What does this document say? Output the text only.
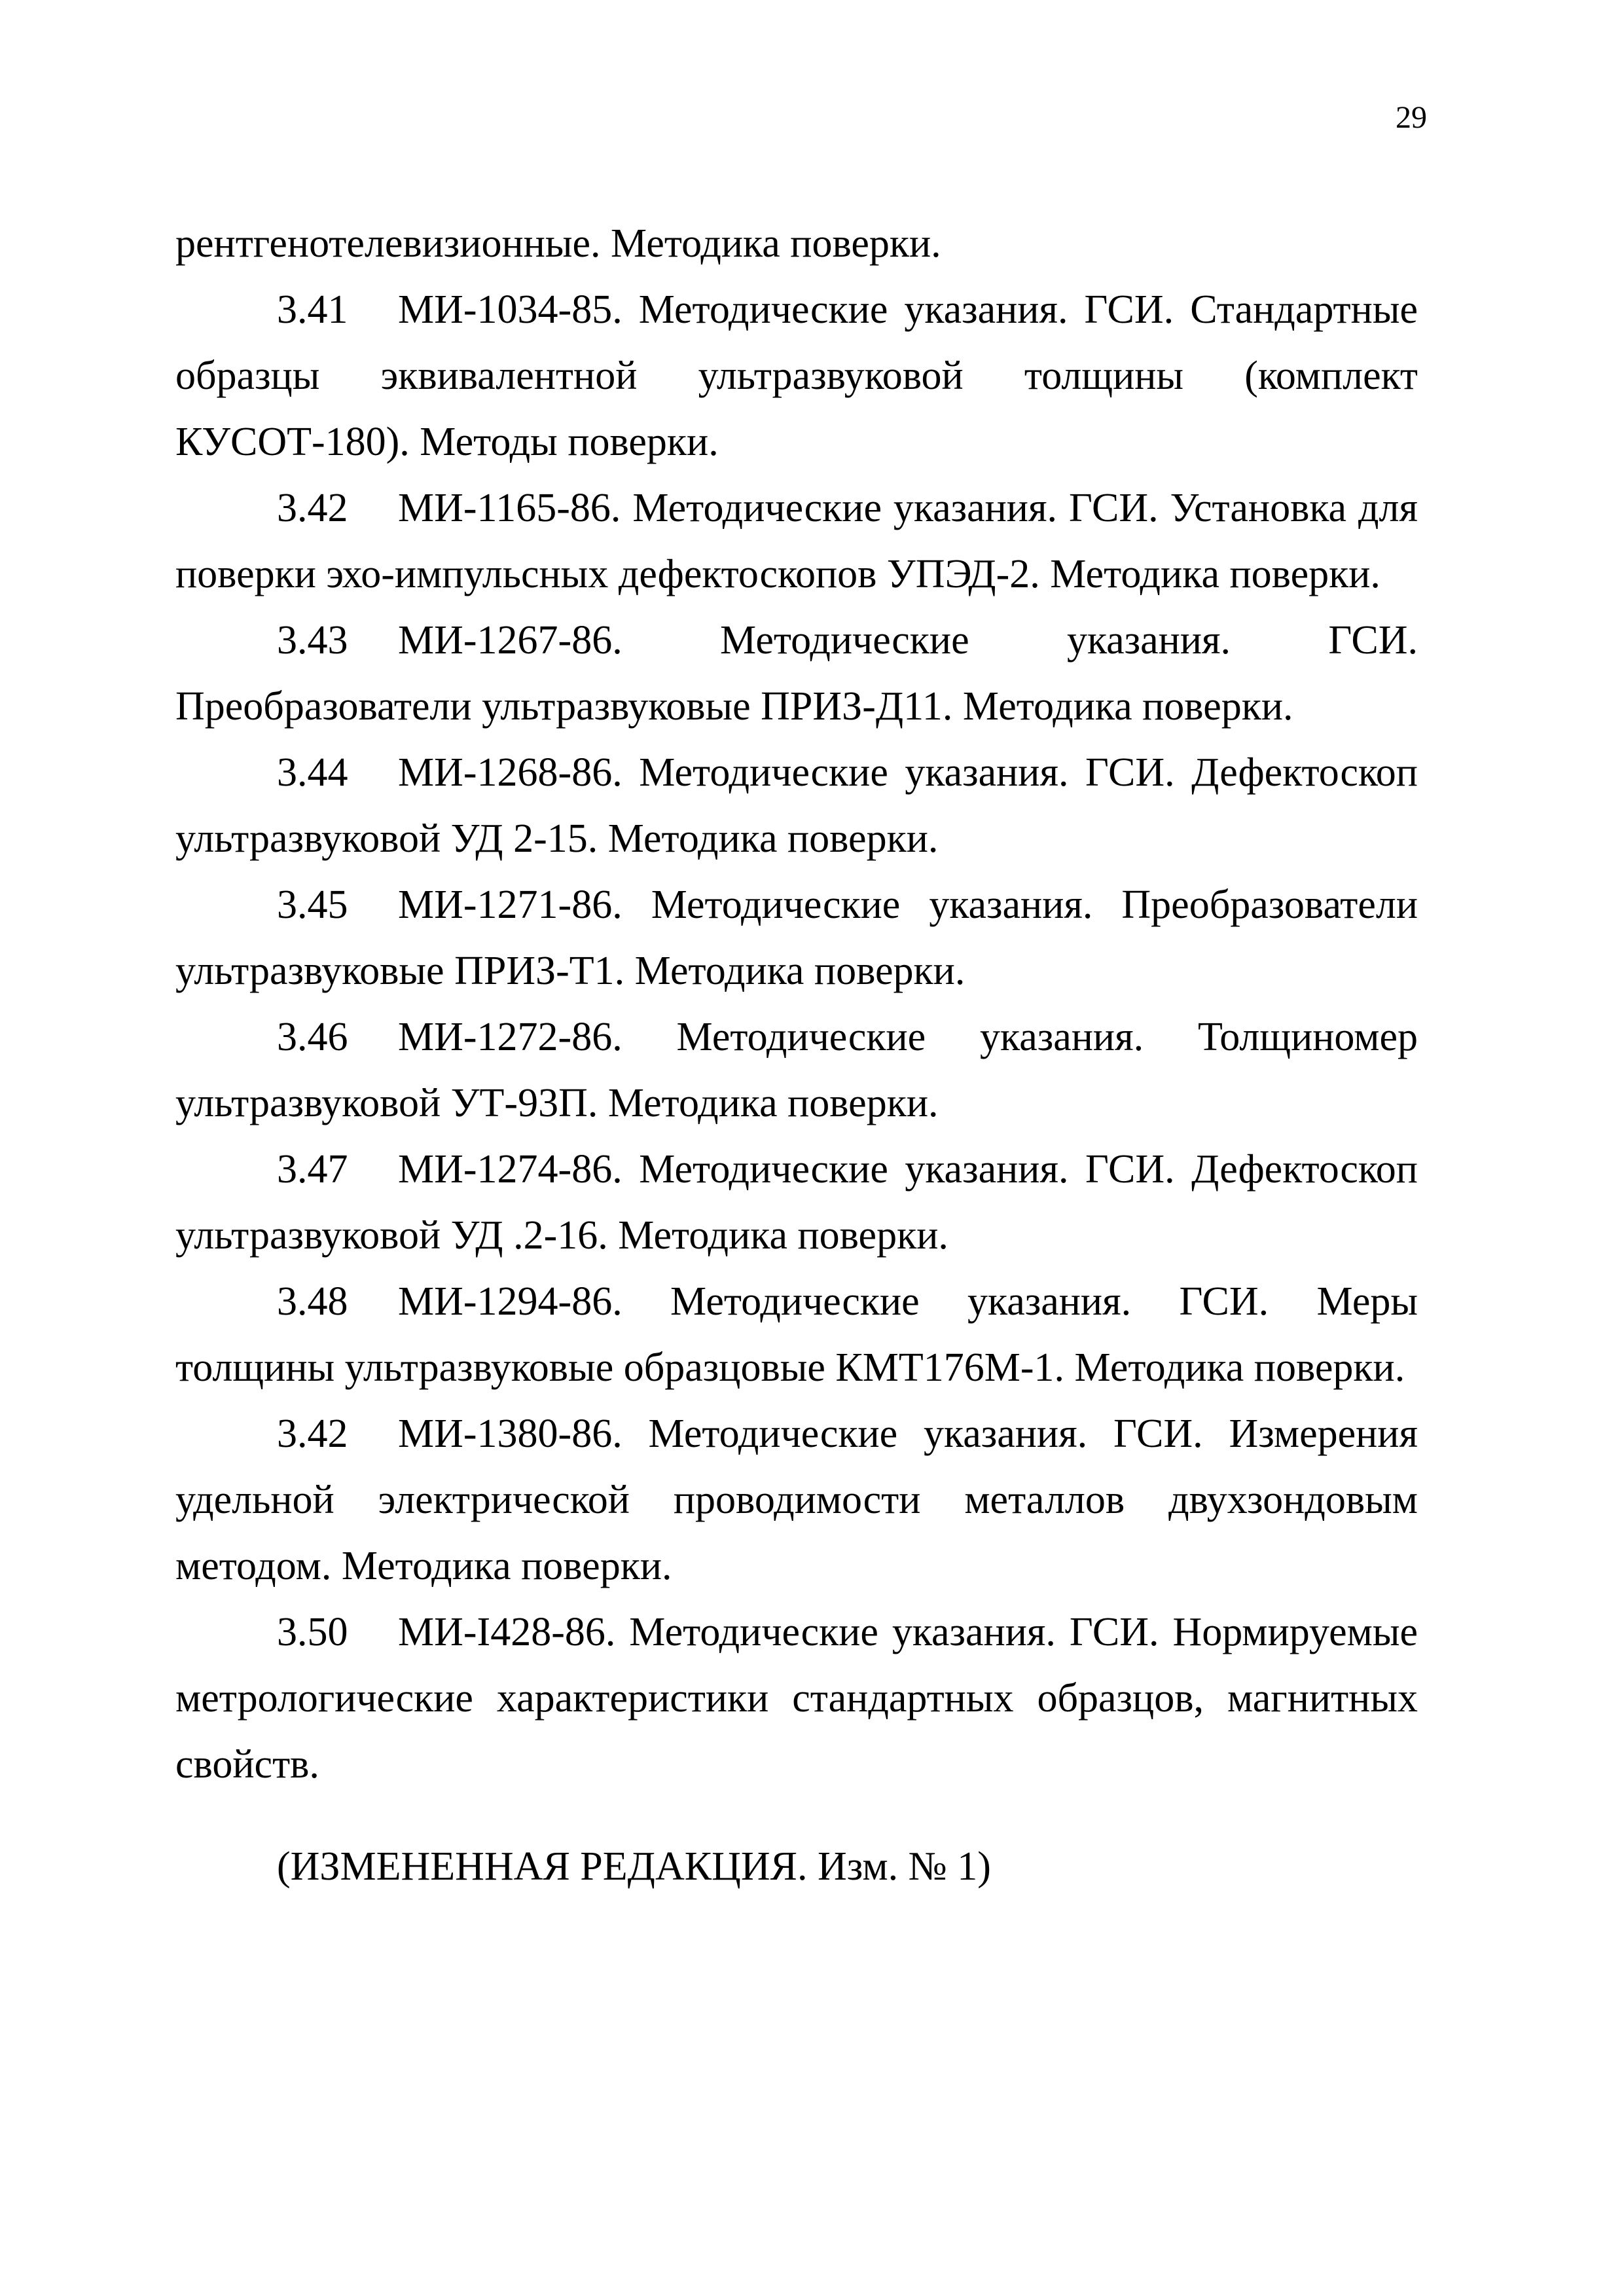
29

рентгенотелевизионные. Методика поверки.

3.41 МИ-1034-85. Методические указания. ГСИ. Стандартные образцы эквивалентной ультразвуковой толщины (комплект КУСОТ-180). Методы поверки.

3.42 МИ-1165-86. Методические указания. ГСИ. Установка для поверки эхо-импульсных дефектоскопов УПЭД-2. Методика поверки.

3.43 МИ-1267-86. Методические указания. ГСИ. Преобразователи ультразвуковые ПРИЗ-Д11. Методика поверки.

3.44 МИ-1268-86. Методические указания. ГСИ. Дефектоскоп ультразвуковой УД 2-15. Методика поверки.

3.45 МИ-1271-86. Методические указания. Преобразователи ультразвуковые ПРИЗ-Т1. Методика поверки.

3.46 МИ-1272-86. Методические указания. Толщиномер ультразвуковой УТ-93П. Методика поверки.

3.47 МИ-1274-86. Методические указания. ГСИ. Дефектоскоп ультразвуковой УД .2-16. Методика поверки.

3.48 МИ-1294-86. Методические указания. ГСИ. Меры толщины ультразвуковые образцовые КМТ176М-1. Методика поверки.

3.42 МИ-1380-86. Методические указания. ГСИ. Измерения удельной электрической проводимости металлов двухзондовым методом. Методика поверки.

3.50 МИ-I428-86. Методические указания. ГСИ. Нормируемые метрологические характеристики стандартных образцов, магнитных свойств.

(ИЗМЕНЕННАЯ РЕДАКЦИЯ. Изм. № 1)
